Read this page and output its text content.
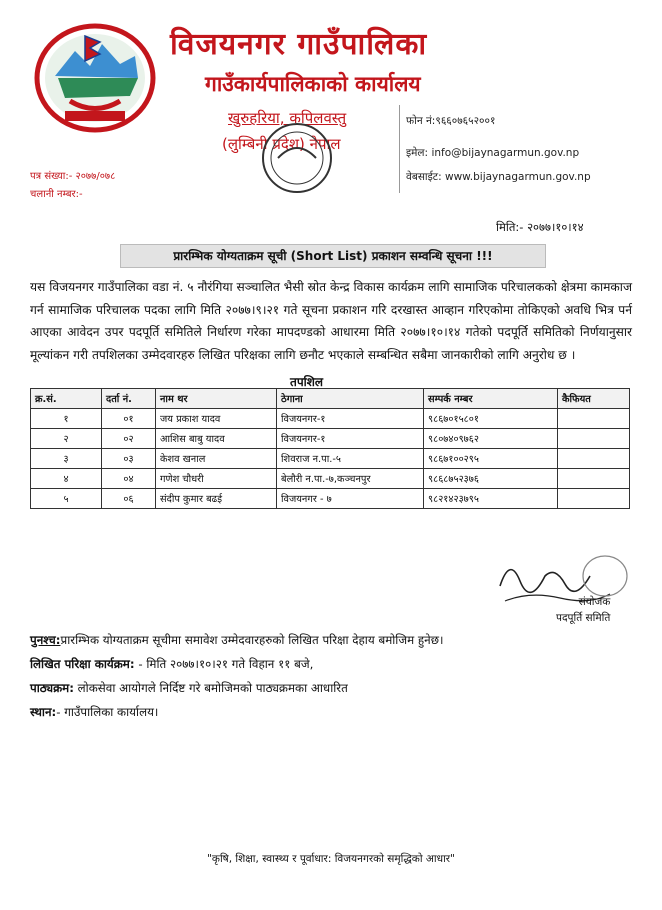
विजयनगर गाउँपालिका
गाउँकार्यपालिकाको कार्यालय
खुरुहरिया, कपिलवस्तु
(लुम्बिनी प्रदेश) नेपाल
फोन नं:९६६०७६५२००१
इमेल: info@bijaynagarmun.gov.np
वेबसाईट: www.bijaynagarmun.gov.np
पत्र संख्या:- २०७७/०७८
चलानी नम्बर:-
मिति:- २०७७।१०।१४
प्रारम्भिक योग्यताक्रम सूची (Short List) प्रकाशन सम्वन्धि सूचना !!!
यस विजयनगर गाउँपालिका वडा नं. ५ नौरंगिया सञ्चालित भैसी स्रोत केन्द्र विकास कार्यक्रम लागि सामाजिक परिचालकको क्षेत्रमा कामकाज गर्न सामाजिक परिचालक पदका लागि मिति २०७७।९।२१ गते सूचना प्रकाशन गरि दरखास्त आव्हान गरिएकोमा तोकिएको अवधि भित्र पर्न आएका आवेदन उपर पदपूर्ति समितिले निर्धारण गरेका मापदण्डको आधारमा मिति २०७७।१०।१४ गतेको पदपूर्ति समितिको निर्णयानुसार मूल्यांकन गरी तपशिलका उम्मेदवारहरु लिखित परिक्षका लागि छनौट भएकाले सम्बन्धित सबैमा जानकारीको लागि अनुरोध छ ।
तपशिल
क्र.सं.	दर्ता नं.	नाम थर	ठेगाना	सम्पर्क नम्बर	कैफियत
१	०१	जय प्रकाश यादव	विजयनगर-१	९८६७०१५८०१	
२	०२	आशिस बाबु यादव	विजयनगर-१	९८०७४०९७६२	
३	०३	केशव खनाल	शिवराज न.पा.-५	९८६७१००२९५	
४	०४	गणेश चौधरी	बेलौरी न.पा.-७,कञ्चनपुर	९८६८७५२३७६	
५	०६	संदीप कुमार बढई	विजयनगर - ७	९८२१४२३७९५	
संयोजक
पदपूर्ति समिति
पुनश्च:प्रारम्भिक योग्यताक्रम सूचीमा समावेश उम्मेदवारहरुको लिखित परिक्षा देहाय बमोजिम हुनेछ।
लिखित परिक्षा कार्यक्रम: - मिति २०७७।१०।२१ गते विहान ११ बजे,
पाठ्यक्रम: लोकसेवा आयोगले निर्दिष्ट गरे बमोजिमको पाठ्यक्रमका आधारित
स्थान:- गाउँपालिका कार्यालय।
"कृषि, शिक्षा, स्वास्थ्य र पूर्वाधार: विजयनगरको समृद्धिको आधार"
